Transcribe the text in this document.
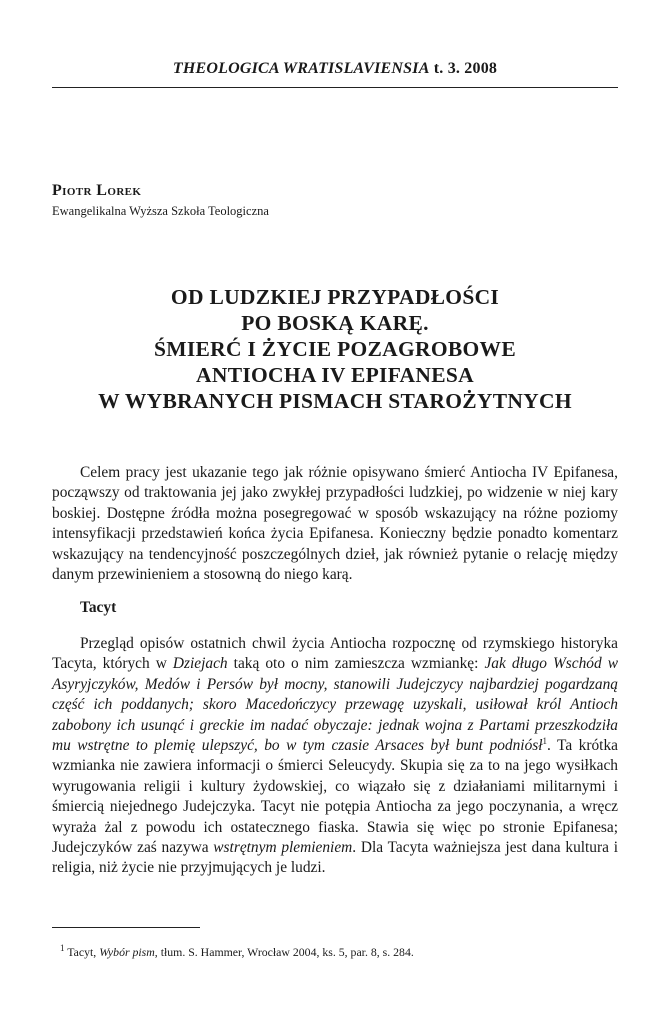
THEOLOGICA WRATISLAVIENSIA t. 3. 2008
Piotr Lorek
Ewangelikalna Wyższa Szkoła Teologiczna
OD LUDZKIEJ PRZYPADŁOŚCI
PO BOSKĄ KARĘ.
ŚMIERĆ I ŻYCIE POZAGROBOWE
ANTIOCHA IV EPIFANESA
W WYBRANYCH PISMACH STAROŻYTNYCH

Celem pracy jest ukazanie tego jak różnie opisywano śmierć Antiocha IV Epifanesa, począwszy od traktowania jej jako zwykłej przypadłości ludzkiej, po widzenie w niej kary boskiej. Dostępne źródła można posegregować w sposób wskazujący na różne poziomy intensyfikacji przedstawień końca życia Epifanesa. Konieczny będzie ponadto komentarz wskazujący na tendencyjność poszczególnych dzieł, jak również pytanie o relację między danym przewinieniem a stosowną do niego karą.

Tacyt

Przegląd opisów ostatnich chwil życia Antiocha rozpocznę od rzymskiego historyka Tacyta, których w Dziejach taką oto o nim zamieszcza wzmiankę: Jak długo Wschód w Asyryjczyków, Medów i Persów był mocny, stanowili Judejczycy najbardziej pogardzaną część ich poddanych; skoro Macedończycy przewagę uzyskali, usiłował król Antioch zabobony ich usunąć i greckie im nadać obyczaje: jednak wojna z Partami przeszkodziła mu wstrętne to plemię ulepszyć, bo w tym czasie Arsaces był bunt podniósł$^1$. Ta krótka wzmianka nie zawiera informacji o śmierci Seleucydy. Skupia się za to na jego wysiłkach wyrugowania religii i kultury żydowskiej, co wiązało się z działaniami militarnymi i śmiercią niejednego Judejczyka. Tacyt nie potępia Antiocha za jego poczynania, a wręcz wyraża żal z powodu ich ostatecznego fiaska. Stawia się więc po stronie Epifanesa; Judejczyków zaś nazywa wstrętnym plemieniem. Dla Tacyta ważniejsza jest dana kultura i religia, niż życie nie przyjmujących je ludzi.

$^1$ Tacyt, Wybór pism, tłum. S. Hammer, Wrocław 2004, ks. 5, par. 8, s. 284.
